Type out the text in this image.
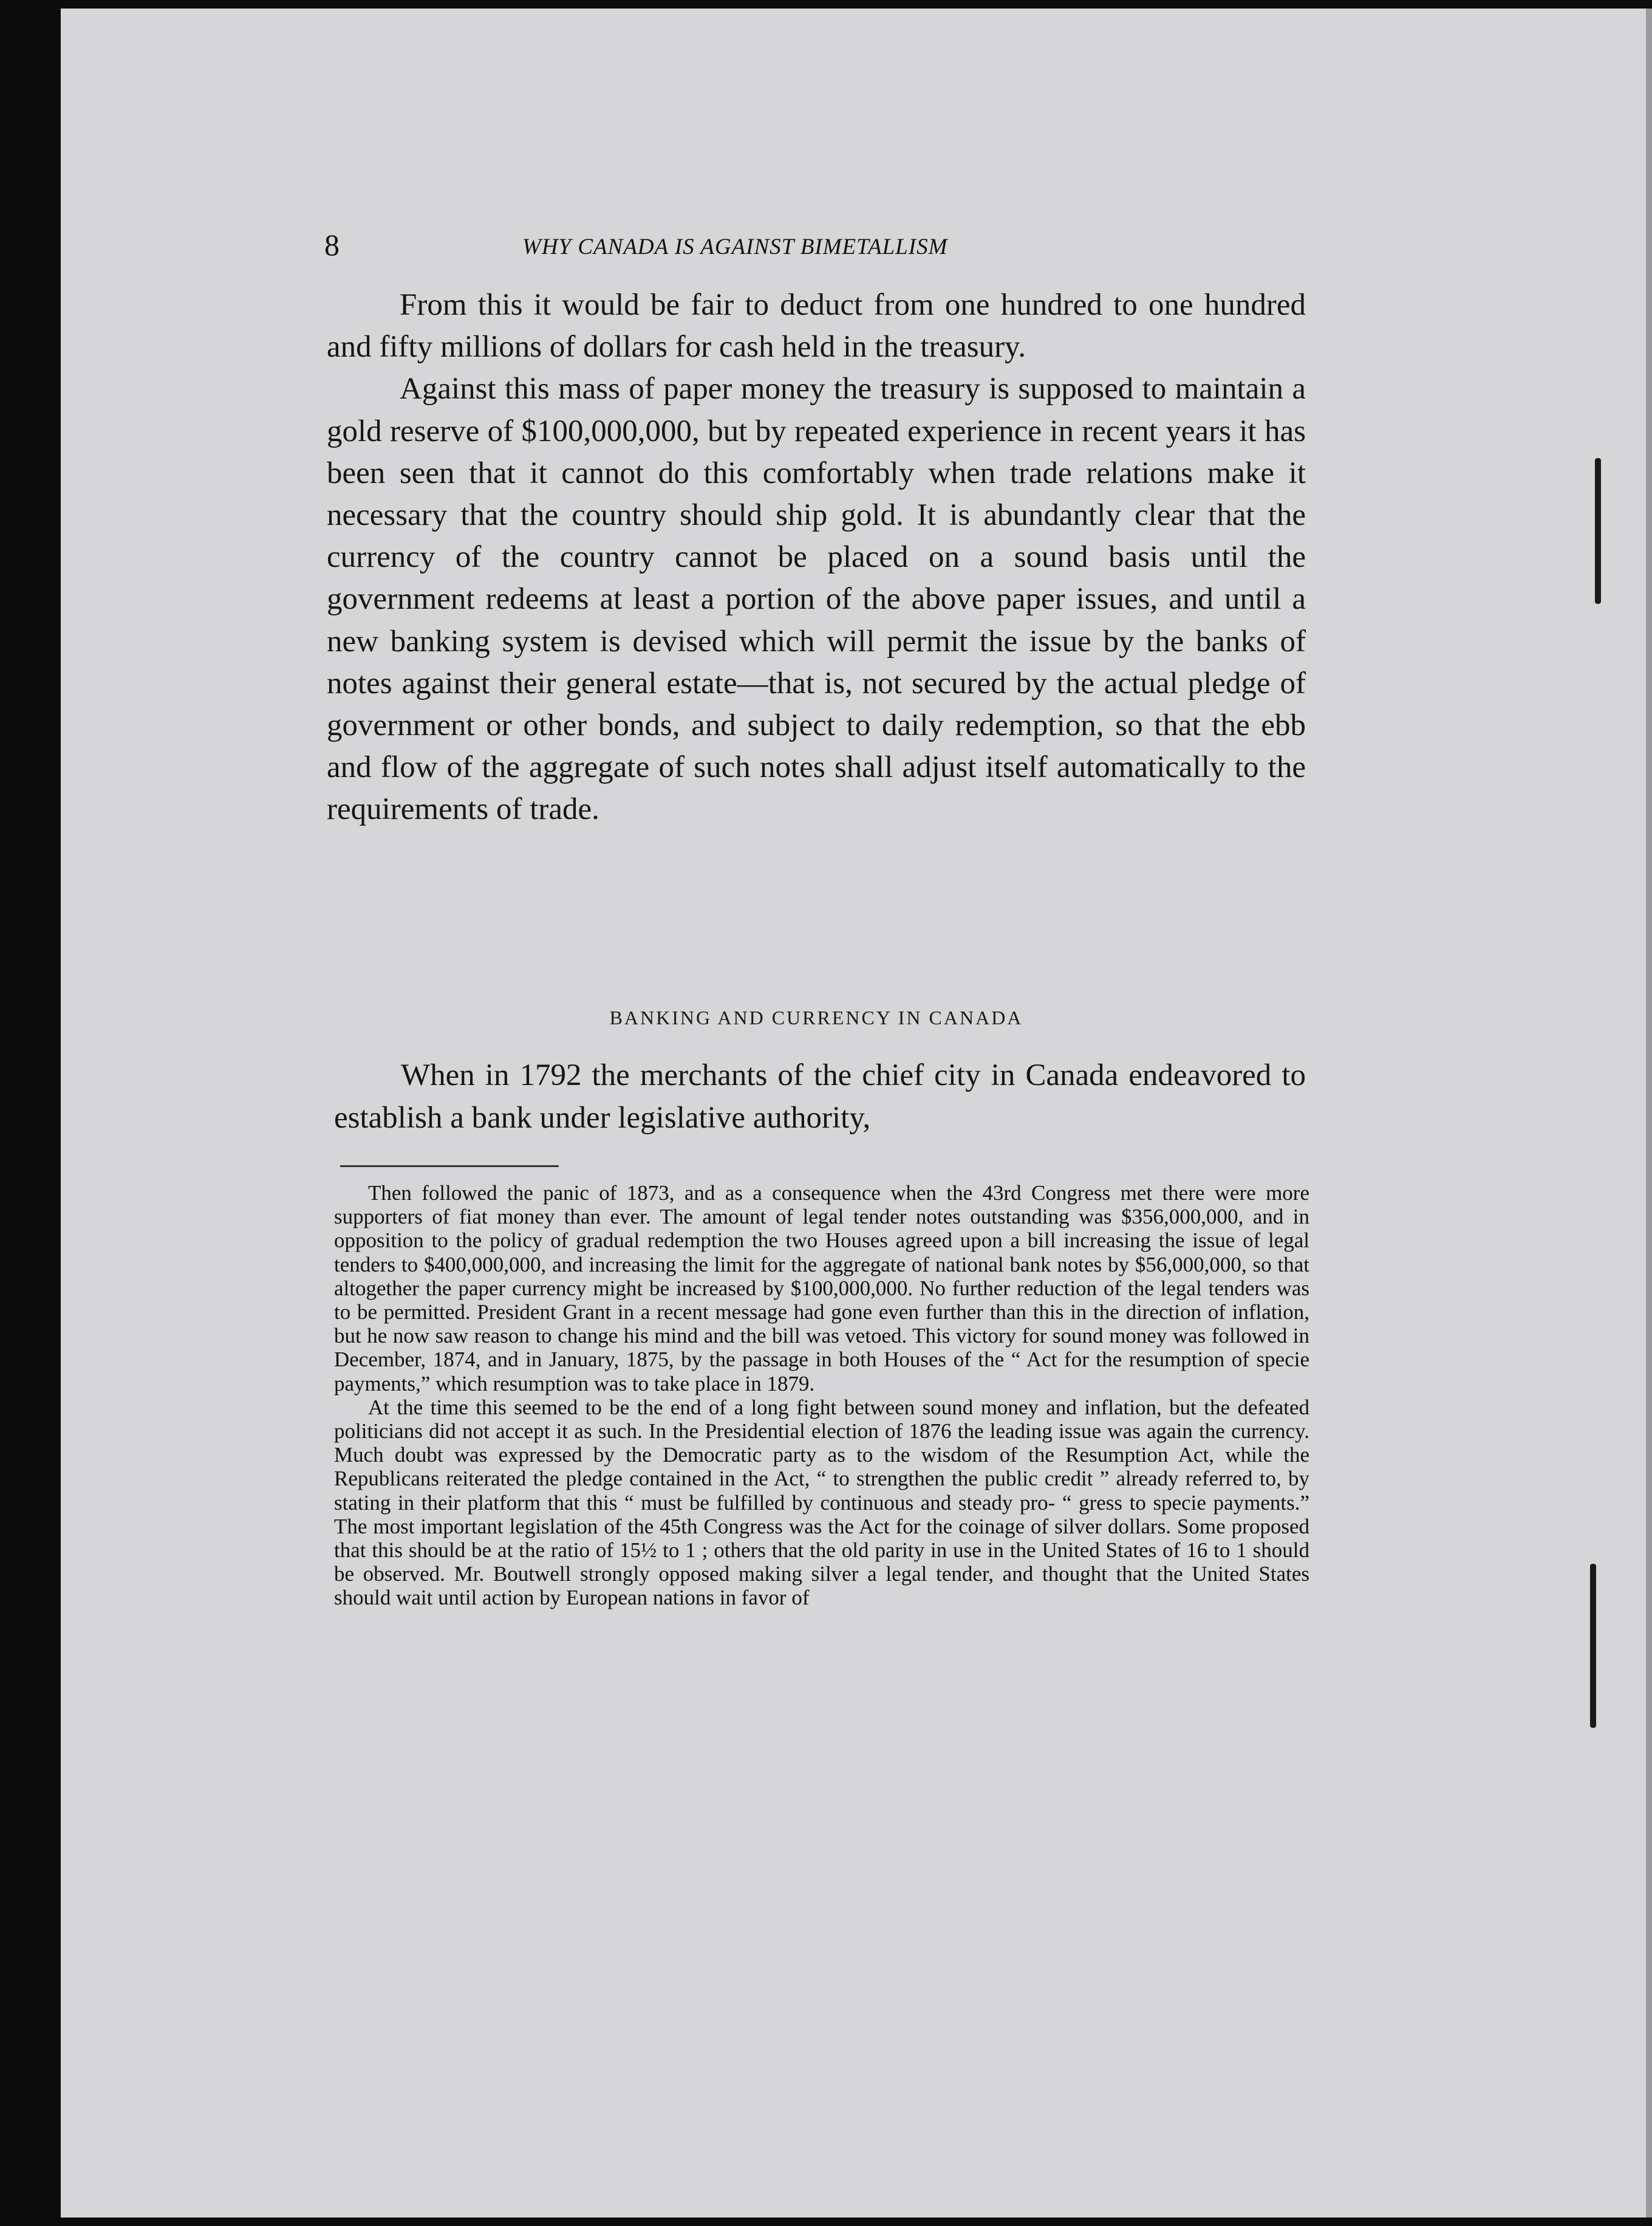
8	WHY CANADA IS AGAINST BIMETALLISM

From this it would be fair to deduct from one hundred to one hundred and fifty millions of dollars for cash held in the treasury.

Against this mass of paper money the treasury is supposed to maintain a gold reserve of $100,000,000, but by repeated experience in recent years it has been seen that it cannot do this comfortably when trade relations make it necessary that the country should ship gold. It is abundantly clear that the currency of the country cannot be placed on a sound basis until the government redeems at least a portion of the above paper issues, and until a new banking system is devised which will permit the issue by the banks of notes against their general estate—that is, not secured by the actual pledge of government or other bonds, and subject to daily redemption, so that the ebb and flow of the aggregate of such notes shall adjust itself automatically to the requirements of trade.

BANKING AND CURRENCY IN CANADA

When in 1792 the merchants of the chief city in Canada endeavored to establish a bank under legislative authority,

Then followed the panic of 1873, and as a consequence when the 43rd Congress met there were more supporters of fiat money than ever. The amount of legal tender notes outstanding was $356,000,000, and in opposition to the policy of gradual redemption the two Houses agreed upon a bill increasing the issue of legal tenders to $400,000,000, and increasing the limit for the aggregate of national bank notes by $56,000,000, so that altogether the paper currency might be increased by $100,000,000. No further reduction of the legal tenders was to be permitted. President Grant in a recent message had gone even further than this in the direction of inflation, but he now saw reason to change his mind and the bill was vetoed. This victory for sound money was followed in December, 1874, and in January, 1875, by the passage in both Houses of the “ Act for the resumption of specie payments,” which resumption was to take place in 1879.

At the time this seemed to be the end of a long fight between sound money and inflation, but the defeated politicians did not accept it as such. In the Presidential election of 1876 the leading issue was again the currency. Much doubt was expressed by the Democratic party as to the wisdom of the Resumption Act, while the Republicans reiterated the pledge contained in the Act, “ to strengthen the public credit ” already referred to, by stating in their platform that this “ must be fulfilled by continuous and steady pro- “ gress to specie payments.” The most important legislation of the 45th Congress was the Act for the coinage of silver dollars. Some proposed that this should be at the ratio of 15½ to 1 ; others that the old parity in use in the United States of 16 to 1 should be observed. Mr. Boutwell strongly opposed making silver a legal tender, and thought that the United States should wait until action by European nations in favor of
